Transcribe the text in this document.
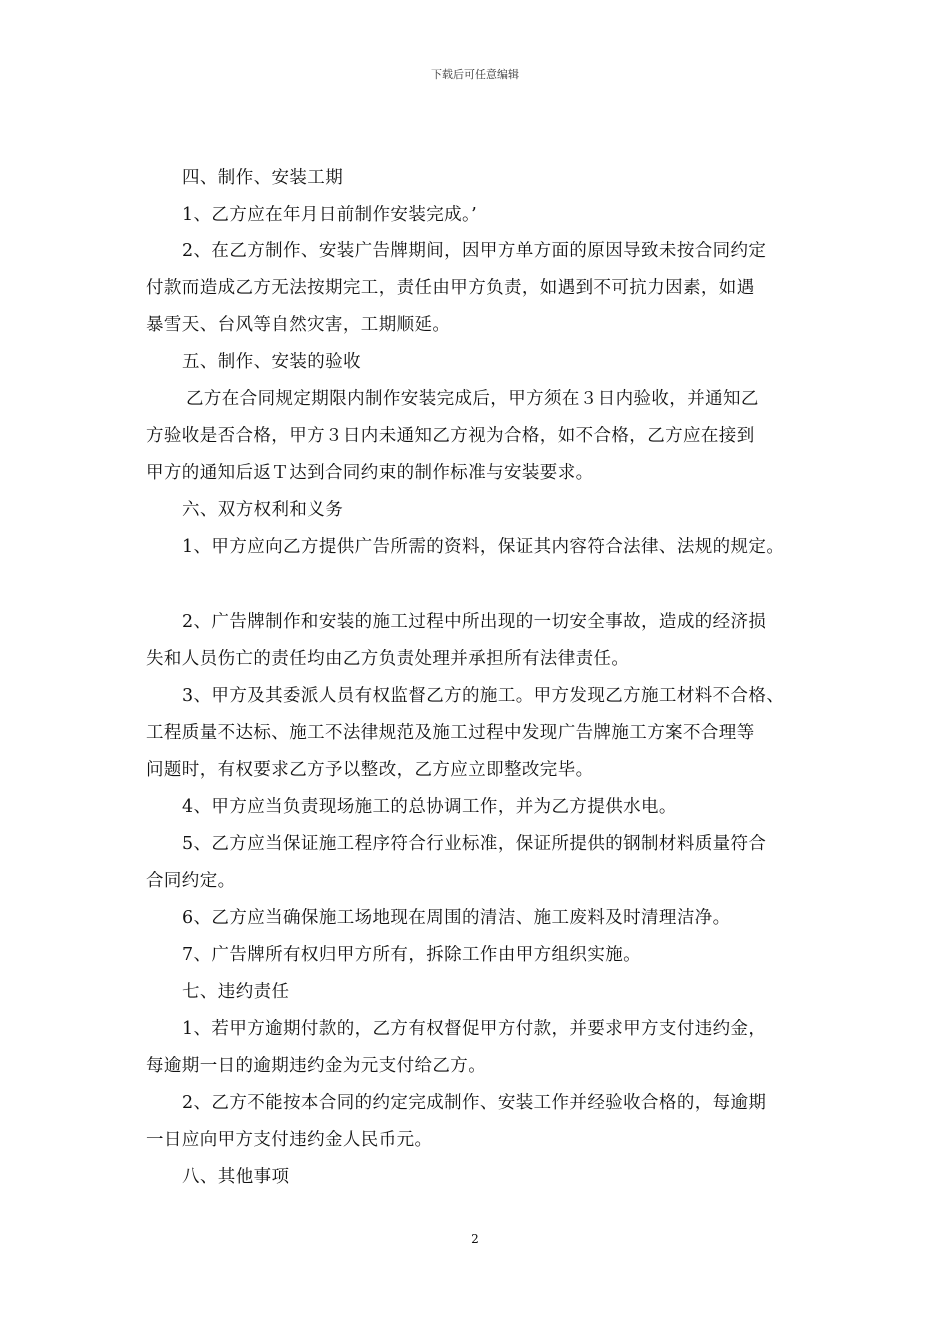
下载后可任意编辑
四、制作、安装工期
1、乙方应在年月日前制作安装完成。’
2、在乙方制作、安装广告牌期间，因甲方单方面的原因导致未按合同约定
付款而造成乙方无法按期完工，责任由甲方负责，如遇到不可抗力因素，如遇
暴雪天、台风等自然灾害，工期顺延。
五、制作、安装的验收
乙方在合同规定期限内制作安装完成后，甲方须在３日内验收，并通知乙
方验收是否合格，甲方３日内未通知乙方视为合格，如不合格，乙方应在接到
甲方的通知后返Ｔ达到合同约束的制作标准与安装要求。
六、双方权利和义务
1、甲方应向乙方提供广告所需的资料，保证其内容符合法律、法规的规定。
2、广告牌制作和安装的施工过程中所出现的一切安全事故，造成的经济损
失和人员伤亡的责任均由乙方负责处理并承担所有法律责任。
3、甲方及其委派人员有权监督乙方的施工。甲方发现乙方施工材料不合格、
工程质量不达标、施工不法律规范及施工过程中发现广告牌施工方案不合理等
问题时，有权要求乙方予以整改，乙方应立即整改完毕。
4、甲方应当负责现场施工的总协调工作，并为乙方提供水电。
5、乙方应当保证施工程序符合行业标准，保证所提供的钢制材料质量符合
合同约定。
6、乙方应当确保施工场地现在周围的清洁、施工废料及时清理洁净。
7、广告牌所有权归甲方所有，拆除工作由甲方组织实施。
七、违约责任
1、若甲方逾期付款的，乙方有权督促甲方付款，并要求甲方支付违约金，
每逾期一日的逾期违约金为元支付给乙方。
2、乙方不能按本合同的约定完成制作、安装工作并经验收合格的，每逾期
一日应向甲方支付违约金人民币元。
八、其他事项
2
